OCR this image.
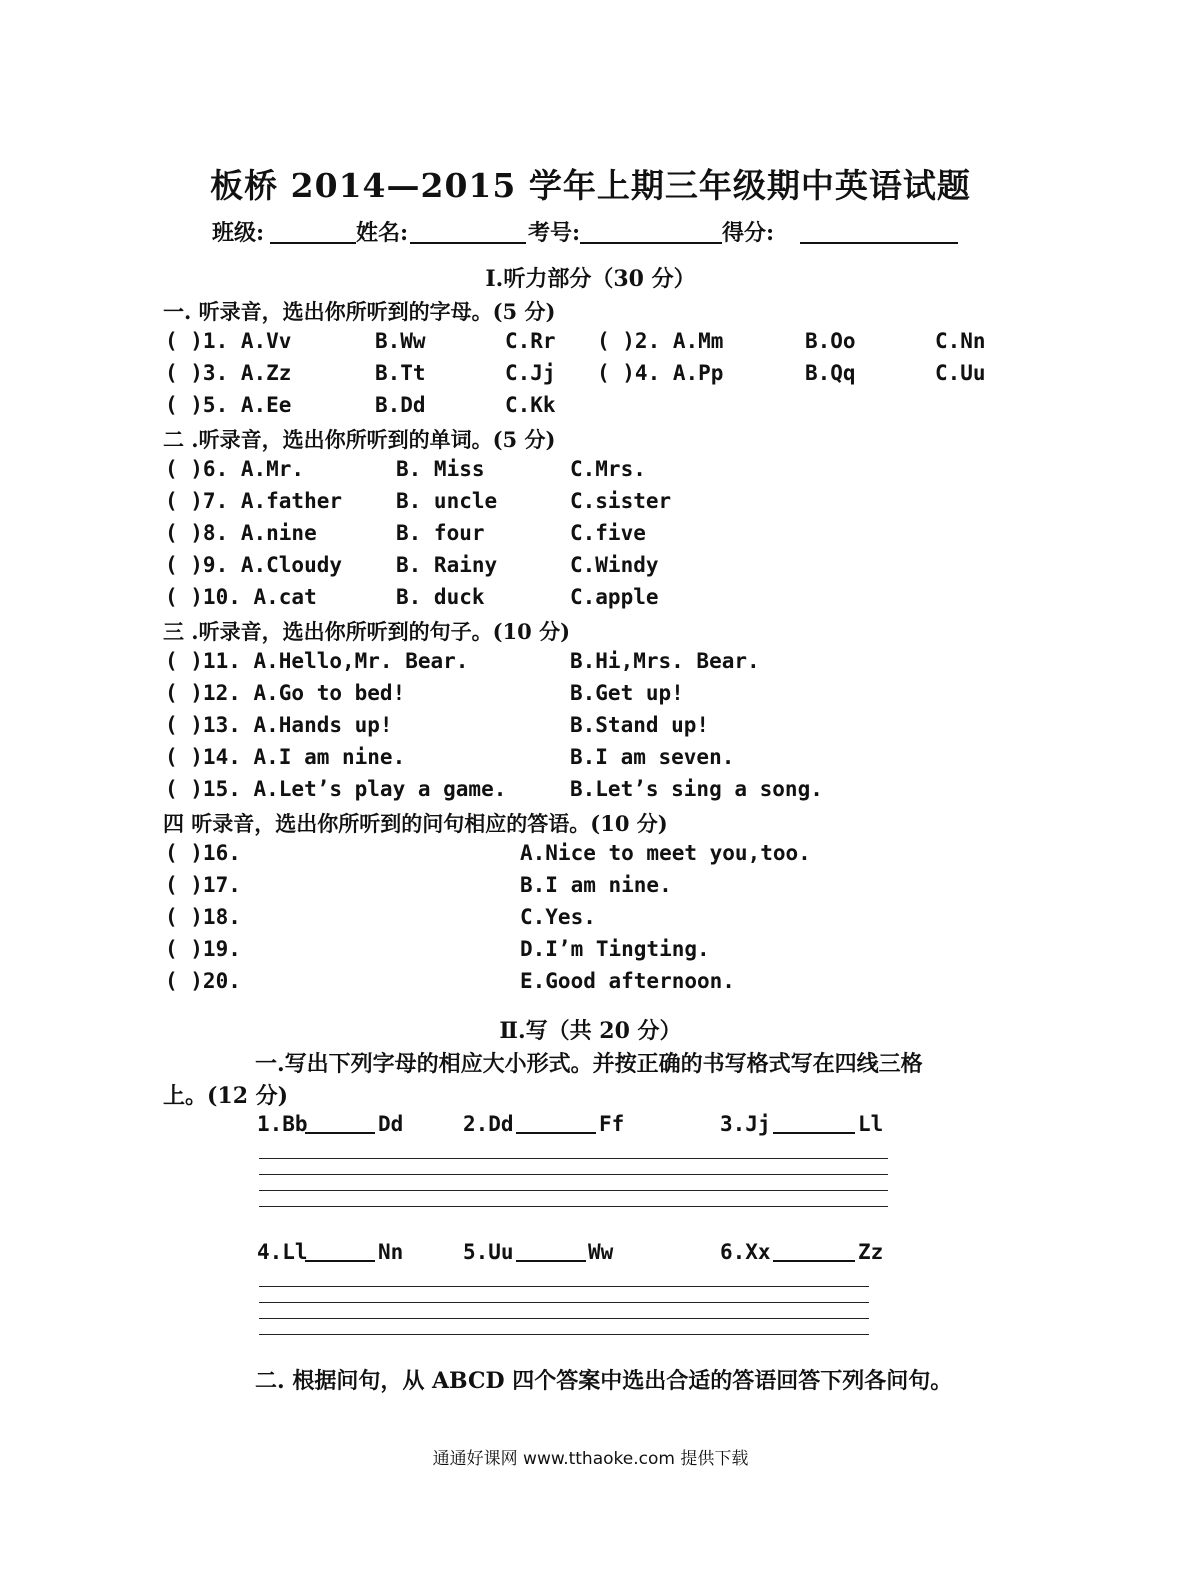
板桥 2014—2015 学年上期三年级期中英语试题
班级:	姓名:	考号:	得分:
Ⅰ.听力部分（30 分）
一. 听录音，选出你所听到的字母。(5 分)
( )1. A.Vv	B.Ww	C.Rr ( )2. A.Mm	B.Oo	C.Nn
( )3. A.Zz	B.Tt	C.Jj ( )4. A.Pp	B.Qq	C.Uu
( )5. A.Ee	B.Dd	C.Kk
二 .听录音，选出你所听到的单词。(5 分)
( )6. A.Mr.	B. Miss	C.Mrs.
( )7. A.father	B. uncle	C.sister
( )8. A.nine	B. four	C.five
( )9. A.Cloudy	B. Rainy	C.Windy
( )10. A.cat	B. duck	C.apple
三 .听录音，选出你所听到的句子。(10 分)
( )11. A.Hello,Mr. Bear.	B.Hi,Mrs. Bear.
( )12. A.Go to bed!	B.Get up!
( )13. A.Hands up!	B.Stand up!
( )14. A.I am nine.	B.I am seven.
( )15. A.Let’s play a game.	B.Let’s sing a song.
四 听录音，选出你所听到的问句相应的答语。(10 分)
( )16.	A.Nice to meet you,too.
( )17.	B.I am nine.
( )18.	C.Yes.
( )19.	D.I’m Tingting.
( )20.	E.Good afternoon.
Ⅱ.写（共 20 分）
一.写出下列字母的相应大小形式。并按正确的书写格式写在四线三格
上。(12 分)
1.Bb	Dd	2.Dd	Ff	3.Jj	Ll
4.Ll	Nn	5.Uu	Ww	6.Xx	Zz
二. 根据问句，从 ABCD 四个答案中选出合适的答语回答下列各问句。
通通好课网 www.tthaoke.com 提供下载
